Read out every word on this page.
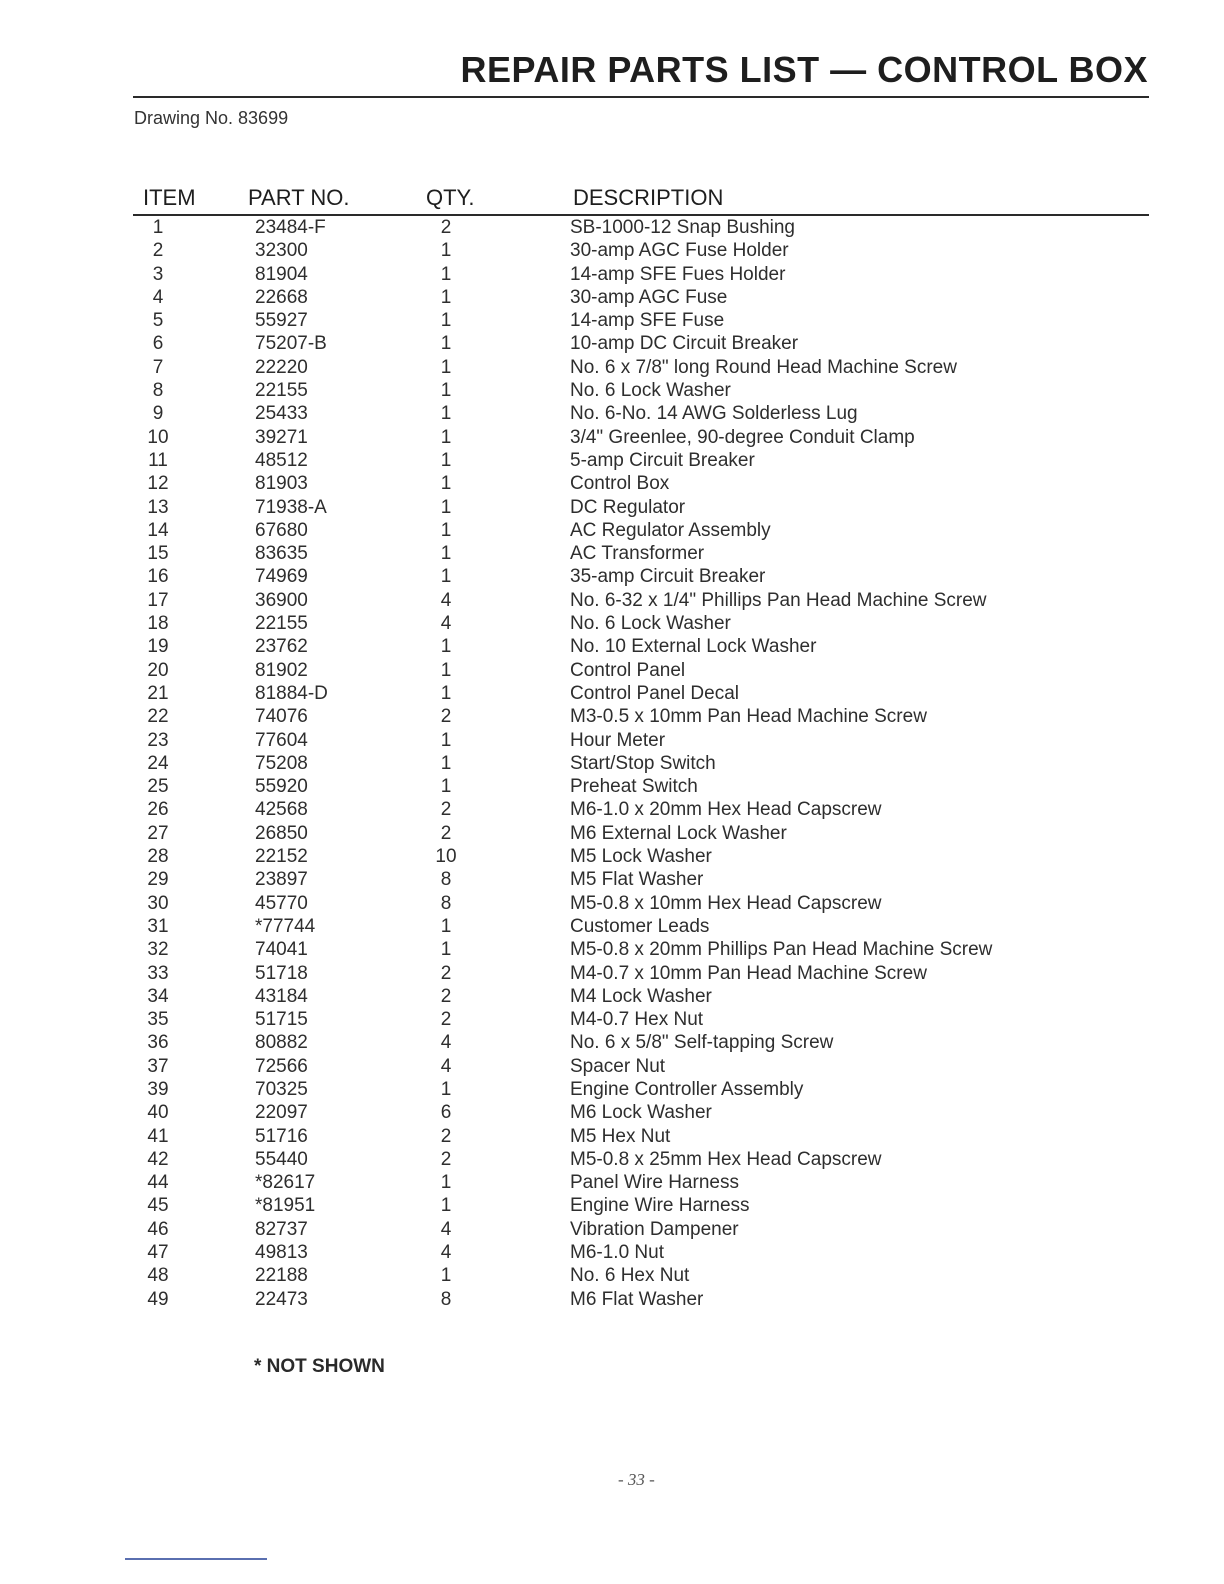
REPAIR PARTS LIST — CONTROL BOX
Drawing No. 83699
ITEM PART NO.	QTY.	DESCRIPTION
1	23484-F	2	SB-1000-12 Snap Bushing
2	32300	1	30-amp AGC Fuse Holder
3	81904	1	14-amp SFE Fues Holder
4	22668	1	30-amp AGC Fuse
5	55927	1	14-amp SFE Fuse
6	75207-B	1	10-amp DC Circuit Breaker
7	22220	1	No. 6 x 7/8" long Round Head Machine Screw
8	22155	1	No. 6 Lock Washer
9	25433	1	No. 6-No. 14 AWG Solderless Lug
10	39271	1	3/4" Greenlee, 90-degree Conduit Clamp
11	48512	1	5-amp Circuit Breaker
12	81903	1	Control Box
13	71938-A	1	DC Regulator
14	67680	1	AC Regulator Assembly
15	83635	1	AC Transformer
16	74969	1	35-amp Circuit Breaker
17	36900	4	No. 6-32 x 1/4" Phillips Pan Head Machine Screw
18	22155	4	No. 6 Lock Washer
19	23762	1	No. 10 External Lock Washer
20	81902	1	Control Panel
21	81884-D	1	Control Panel Decal
22	74076	2	M3-0.5 x 10mm Pan Head Machine Screw
23	77604	1	Hour Meter
24	75208	1	Start/Stop Switch
25	55920	1	Preheat Switch
26	42568	2	M6-1.0 x 20mm Hex Head Capscrew
27	26850	2	M6 External Lock Washer
28	22152	10	M5 Lock Washer
29	23897	8	M5 Flat Washer
30	45770	8	M5-0.8 x 10mm Hex Head Capscrew
31	*77744	1	Customer Leads
32	74041	1	M5-0.8 x 20mm Phillips Pan Head Machine Screw
33	51718	2	M4-0.7 x 10mm Pan Head Machine Screw
34	43184	2	M4 Lock Washer
35	51715	2	M4-0.7 Hex Nut
36	80882	4	No. 6 x 5/8" Self-tapping Screw
37	72566	4	Spacer Nut
39	70325	1	Engine Controller Assembly
40	22097	6	M6 Lock Washer
41	51716	2	M5 Hex Nut
42	55440	2	M5-0.8 x 25mm Hex Head Capscrew
44	*82617	1	Panel Wire Harness
45	*81951	1	Engine Wire Harness
46	82737	4	Vibration Dampener
47	49813	4	M6-1.0 Nut
48	22188	1	No. 6 Hex Nut
49	22473	8	M6 Flat Washer
* NOT SHOWN
- 33 -
